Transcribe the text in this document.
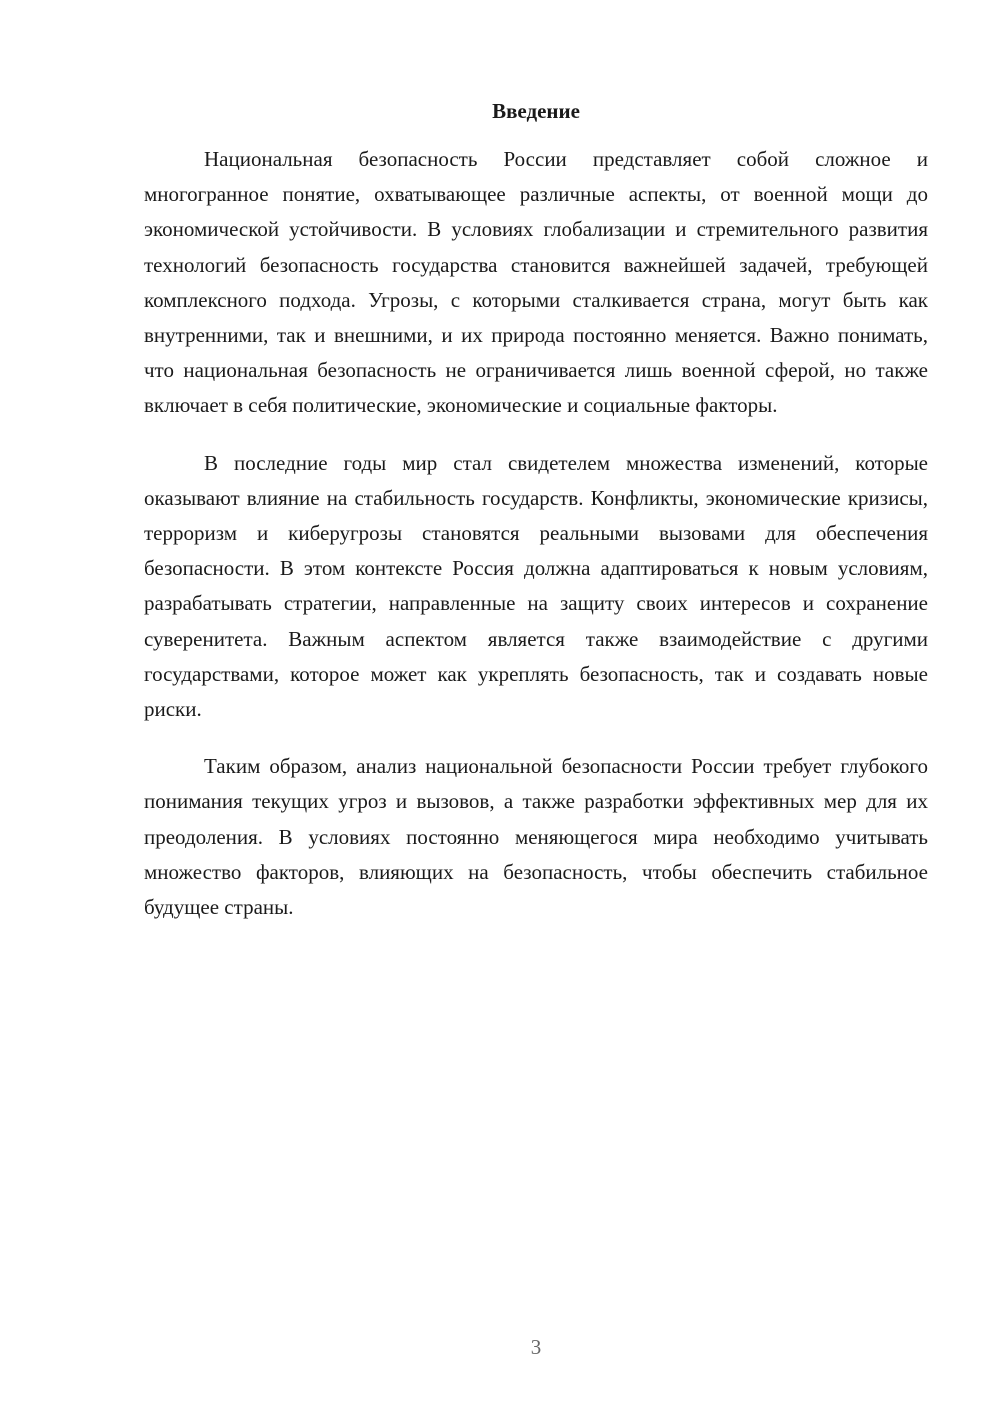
Введение

Национальная безопасность России представляет собой сложное и многогранное понятие, охватывающее различные аспекты, от военной мощи до экономической устойчивости. В условиях глобализации и стремительного развития технологий безопасность государства становится важнейшей задачей, требующей комплексного подхода. Угрозы, с которыми сталкивается страна, могут быть как внутренними, так и внешними, и их природа постоянно меняется. Важно понимать, что национальная безопасность не ограничивается лишь военной сферой, но также включает в себя политические, экономические и социальные факторы.

В последние годы мир стал свидетелем множества изменений, которые оказывают влияние на стабильность государств. Конфликты, экономические кризисы, терроризм и киберугрозы становятся реальными вызовами для обеспечения безопасности. В этом контексте Россия должна адаптироваться к новым условиям, разрабатывать стратегии, направленные на защиту своих интересов и сохранение суверенитета. Важным аспектом является также взаимодействие с другими государствами, которое может как укреплять безопасность, так и создавать новые риски.

Таким образом, анализ национальной безопасности России требует глубокого понимания текущих угроз и вызовов, а также разработки эффективных мер для их преодоления. В условиях постоянно меняющегося мира необходимо учитывать множество факторов, влияющих на безопасность, чтобы обеспечить стабильное будущее страны.

3
